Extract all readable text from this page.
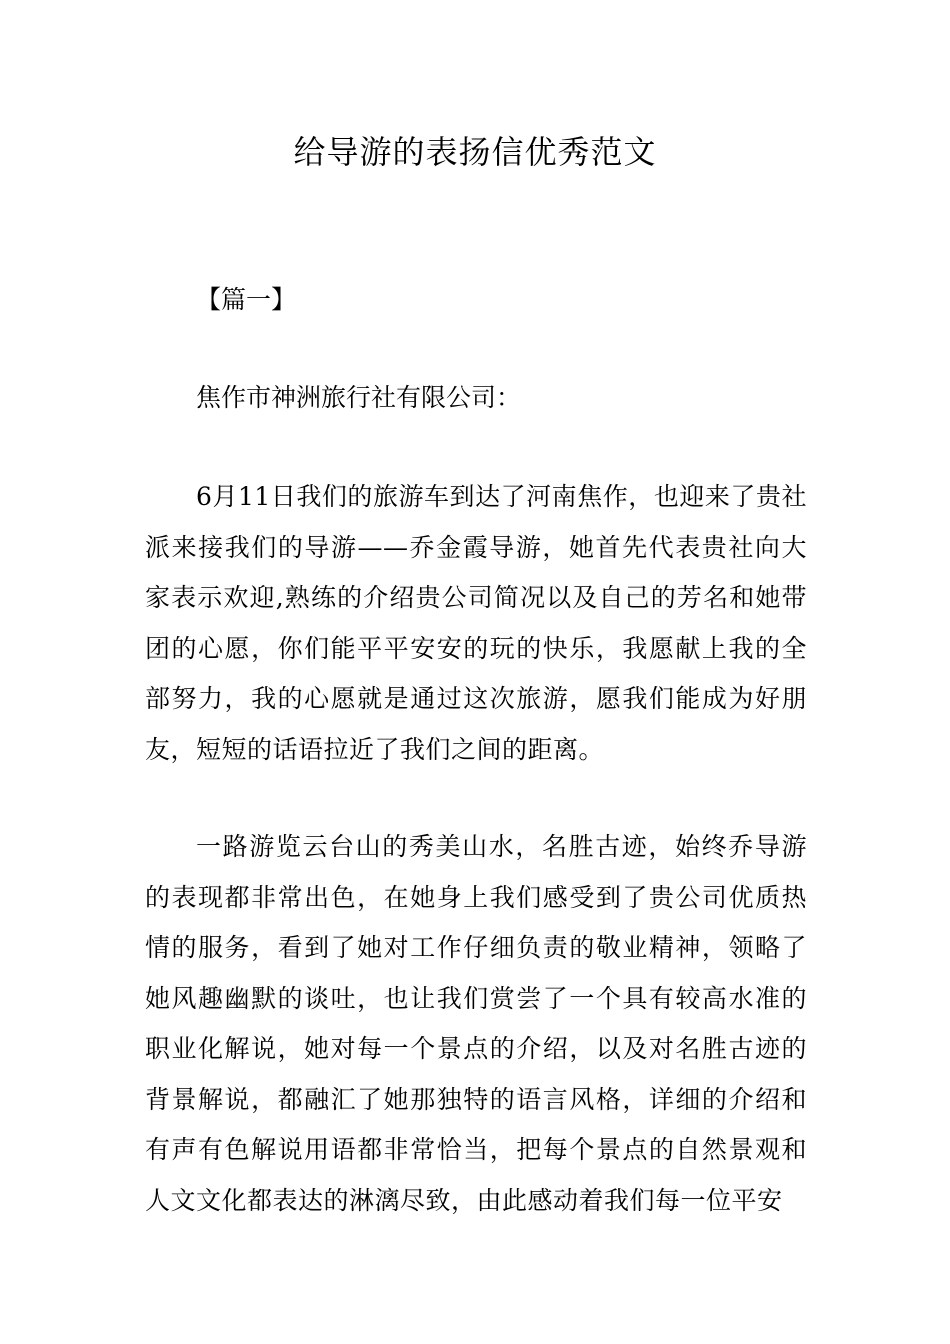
给导游的表扬信优秀范文

【篇一】

焦作市神洲旅行社有限公司：

6月11日我们的旅游车到达了河南焦作，也迎来了贵社派来接我们的导游——乔金霞导游，她首先代表贵社向大家表示欢迎,熟练的介绍贵公司简况以及自己的芳名和她带团的心愿，你们能平平安安的玩的快乐，我愿献上我的全部努力，我的心愿就是通过这次旅游，愿我们能成为好朋友，短短的话语拉近了我们之间的距离。

一路游览云台山的秀美山水，名胜古迹，始终乔导游的表现都非常出色，在她身上我们感受到了贵公司优质热情的服务，看到了她对工作仔细负责的敬业精神，领略了她风趣幽默的谈吐，也让我们赏尝了一个具有较高水准的职业化解说，她对每一个景点的介绍，以及对名胜古迹的背景解说，都融汇了她那独特的语言风格，详细的介绍和有声有色解说用语都非常恰当，把每个景点的自然景观和人文文化都表达的淋漓尽致，由此感动着我们每一位平安
